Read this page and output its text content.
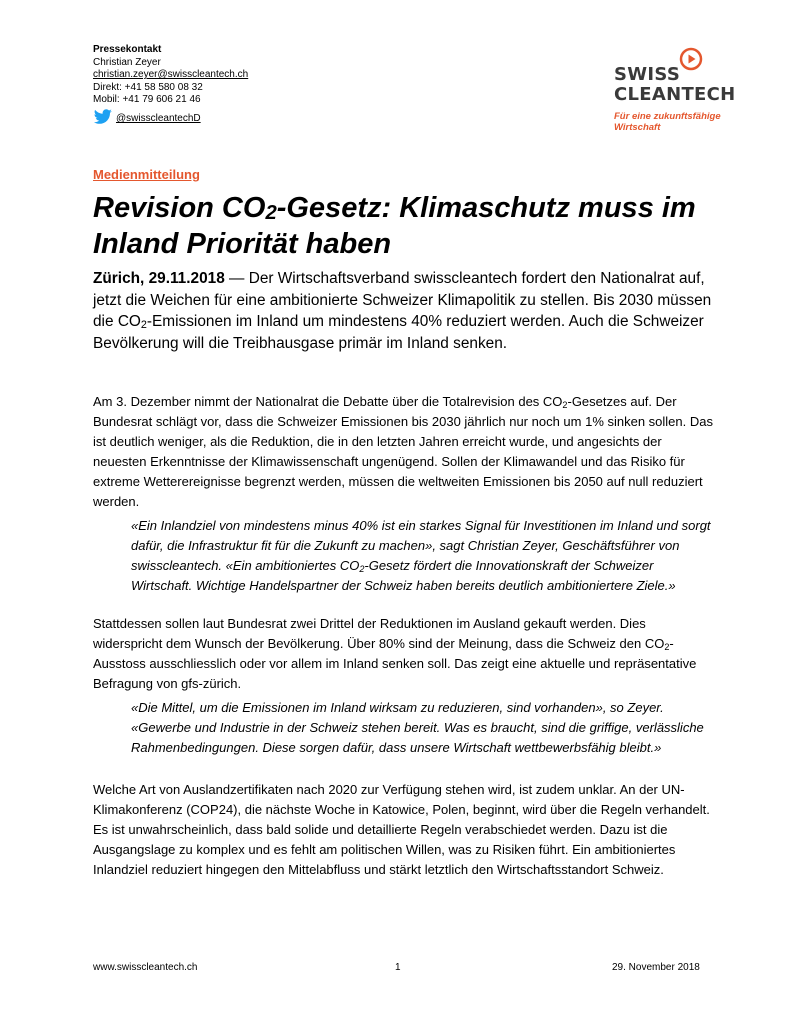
Pressekontakt
Christian Zeyer
christian.zeyer@swisscleantech.ch
Direkt: +41 58 580 08 32
Mobil: +41 79 606 21 46
@swisscleantechD
SWISS
CLEANTECH
Für eine zukunftsfähige
Wirtschaft
Medienmitteilung
Revision $CO_2$-Gesetz: Klimaschutz muss im Inland Priorität haben
Zürich, 29.11.2018 — Der Wirtschaftsverband swisscleantech fordert den Nationalrat auf, jetzt die Weichen für eine ambitionierte Schweizer Klimapolitik zu stellen. Bis 2030 müssen die $CO_2$-Emissionen im Inland um mindestens 40% reduziert werden. Auch die Schweizer Bevölkerung will die Treibhausgase primär im Inland senken.
Am 3. Dezember nimmt der Nationalrat die Debatte über die Totalrevision des $CO_2$-Gesetzes auf. Der Bundesrat schlägt vor, dass die Schweizer Emissionen bis 2030 jährlich nur noch um 1% sinken sollen. Das ist deutlich weniger, als die Reduktion, die in den letzten Jahren erreicht wurde, und angesichts der neuesten Erkenntnisse der Klimawissenschaft ungenügend. Sollen der Klimawandel und das Risiko für extreme Wetterereignisse begrenzt werden, müssen die weltweiten Emissionen bis 2050 auf null reduziert werden.
«Ein Inlandziel von mindestens minus 40% ist ein starkes Signal für Investitionen im Inland und sorgt dafür, die Infrastruktur fit für die Zukunft zu machen», sagt Christian Zeyer, Geschäftsführer von swisscleantech. «Ein ambitioniertes $CO_2$-Gesetz fördert die Innovationskraft der Schweizer Wirtschaft. Wichtige Handelspartner der Schweiz haben bereits deutlich ambitioniertere Ziele.»
Stattdessen sollen laut Bundesrat zwei Drittel der Reduktionen im Ausland gekauft werden. Dies widerspricht dem Wunsch der Bevölkerung. Über 80% sind der Meinung, dass die Schweiz den $CO_2$-Ausstoss ausschliesslich oder vor allem im Inland senken soll. Das zeigt eine aktuelle und repräsentative Befragung von gfs-zürich.
«Die Mittel, um die Emissionen im Inland wirksam zu reduzieren, sind vorhanden», so Zeyer. «Gewerbe und Industrie in der Schweiz stehen bereit. Was es braucht, sind die griffige, verlässliche Rahmenbedingungen. Diese sorgen dafür, dass unsere Wirtschaft wettbewerbsfähig bleibt.»
Welche Art von Auslandzertifikaten nach 2020 zur Verfügung stehen wird, ist zudem unklar. An der UN-Klimakonferenz (COP24), die nächste Woche in Katowice, Polen, beginnt, wird über die Regeln verhandelt. Es ist unwahrscheinlich, dass bald solide und detaillierte Regeln verabschiedet werden. Dazu ist die Ausgangslage zu komplex und es fehlt am politischen Willen, was zu Risiken führt. Ein ambitioniertes Inlandziel reduziert hingegen den Mittelabfluss und stärkt letztlich den Wirtschaftsstandort Schweiz.
www.swisscleantech.ch	1	29. November 2018
